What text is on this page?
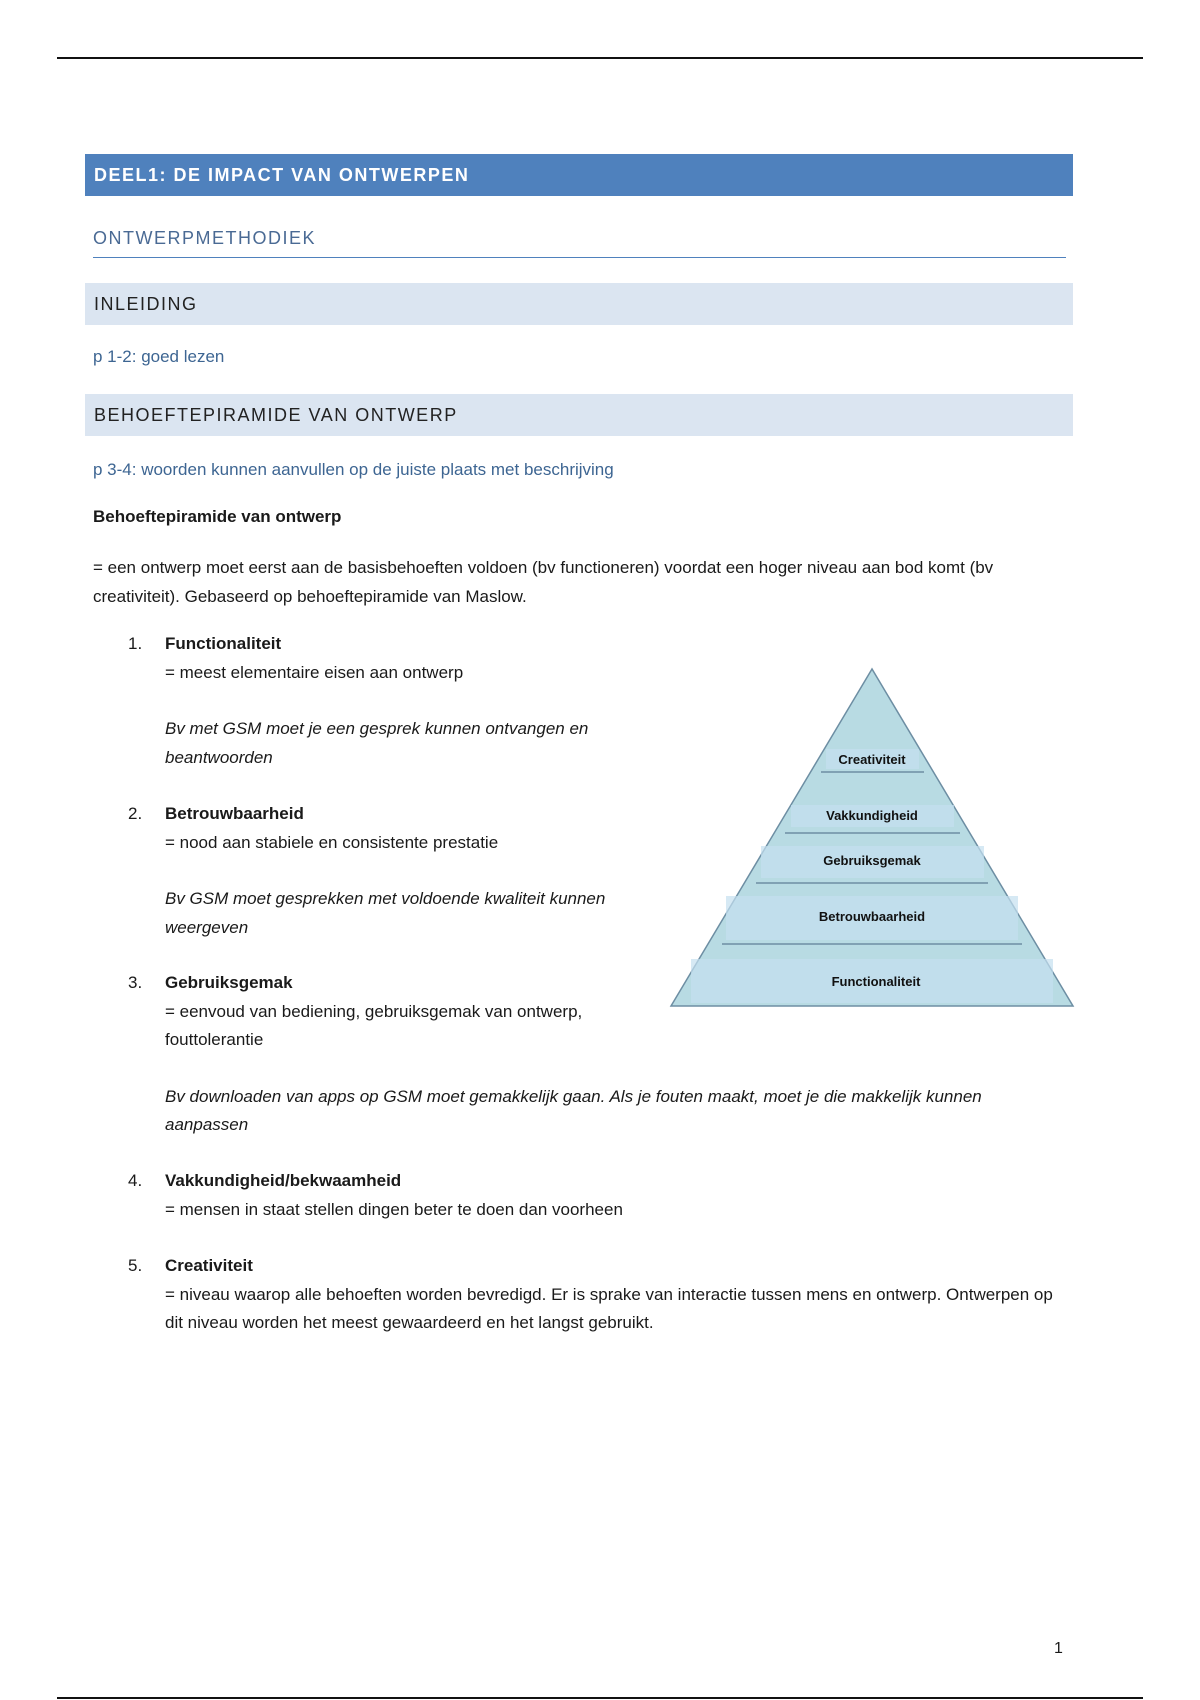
DEEL1: DE IMPACT VAN ONTWERPEN
ONTWERPMETHODIEK
INLEIDING
p 1-2: goed lezen
BEHOEFTEPIRAMIDE VAN ONTWERP
p 3-4: woorden kunnen aanvullen op de juiste plaats met beschrijving
Behoeftepiramide van ontwerp
= een ontwerp moet eerst aan de basisbehoeften voldoen (bv functioneren) voordat een hoger niveau aan bod komt (bv creativiteit). Gebaseerd op behoeftepiramide van Maslow.
1.	Functionaliteit
= meest elementaire eisen aan ontwerp
Bv met GSM moet je een gesprek kunnen ontvangen en beantwoorden
2.	Betrouwbaarheid
= nood aan stabiele en consistente prestatie
Bv GSM moet gesprekken met voldoende kwaliteit kunnen weergeven
3.	Gebruiksgemak
= eenvoud van bediening, gebruiksgemak van ontwerp, fouttolerantie
Bv downloaden van apps op GSM moet gemakkelijk gaan. Als je fouten maakt, moet je die makkelijk kunnen aanpassen
4.	Vakkundigheid/bekwaamheid
= mensen in staat stellen dingen beter te doen dan voorheen
5.	Creativiteit
= niveau waarop alle behoeften worden bevredigd. Er is sprake van interactie tussen mens en ontwerp. Ontwerpen op dit niveau worden het meest gewaardeerd en het langst gebruikt.
Creativiteit
Vakkundigheid
Gebruiksgemak
Betrouwbaarheid
Functionaliteit
1
